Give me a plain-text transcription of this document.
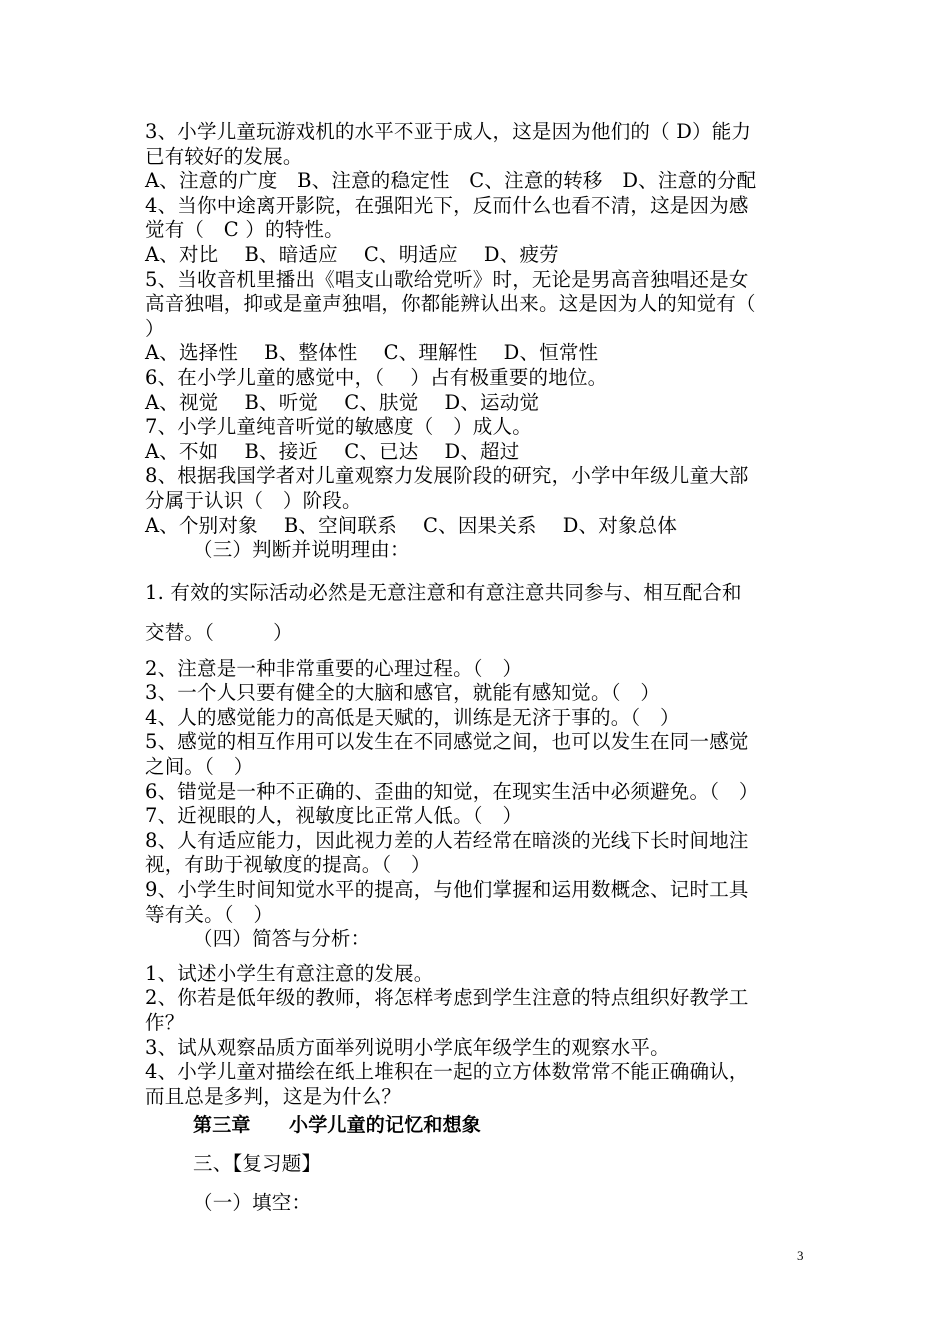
3、小学儿童玩游戏机的水平不亚于成人，这是因为他们的（ D）能力
已有较好的发展。
A、注意的广度　B、注意的稳定性　C、注意的转移　D、注意的分配
4、当你中途离开影院，在强阳光下，反而什么也看不清，这是因为感
觉有（　C ）的特性。
A、对比　 B、暗适应　 C、明适应　 D、疲劳
5、当收音机里播出《唱支山歌给党听》时，无论是男高音独唱还是女
高音独唱，抑或是童声独唱，你都能辨认出来。这是因为人的知觉有（
）
A、选择性　 B、整体性　 C、理解性　 D、恒常性
6、在小学儿童的感觉中，（　 ）占有极重要的地位。
A、视觉　 B、听觉　 C、肤觉　 D、运动觉
7、小学儿童纯音听觉的敏感度（　）成人。
A、不如　 B、接近　 C、已达　 D、超过
8、根据我国学者对儿童观察力发展阶段的研究，小学中年级儿童大部
分属于认识（　）阶段。
A、个别对象　 B、空间联系　 C、因果关系　 D、对象总体
（三）判断并说明理由：
1. 有效的实际活动必然是无意注意和有意注意共同参与、相互配合和
交替。（　　　）
2、注意是一种非常重要的心理过程。（　）
3、一个人只要有健全的大脑和感官，就能有感知觉。（　）
4、人的感觉能力的高低是天赋的，训练是无济于事的。（　）
5、感觉的相互作用可以发生在不同感觉之间，也可以发生在同一感觉
之间。（　）
6、错觉是一种不正确的、歪曲的知觉，在现实生活中必须避免。（　）
7、近视眼的人，视敏度比正常人低。（　）
8、人有适应能力，因此视力差的人若经常在暗淡的光线下长时间地注
视，有助于视敏度的提高。（　）
9、小学生时间知觉水平的提高，与他们掌握和运用数概念、记时工具
等有关。（　）
（四）简答与分析：
1、试述小学生有意注意的发展。
2、你若是低年级的教师，将怎样考虑到学生注意的特点组织好教学工
作？
3、试从观察品质方面举列说明小学底年级学生的观察水平。
4、小学儿童对描绘在纸上堆积在一起的立方体数常常不能正确确认，
而且总是多判，这是为什么？
第三章　　小学儿童的记忆和想象
三、【复习题】
（一）填空：
3
